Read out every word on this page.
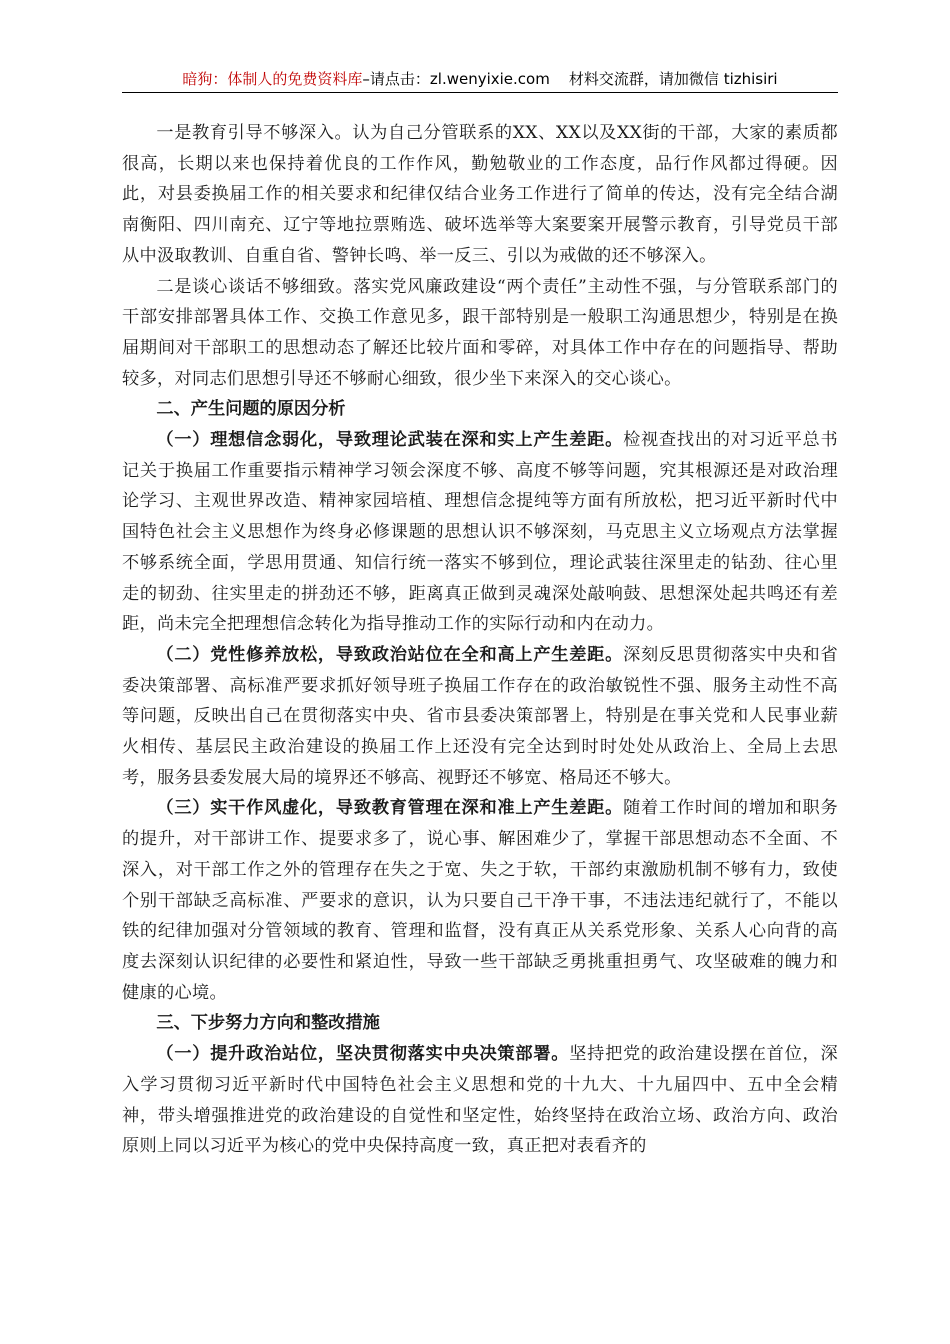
暗狗：体制人的免费资料库–请点击：zl.wenyixie.com 材料交流群，请加微信 tizhisiri

一是教育引导不够深入。认为自己分管联系的XX、XX以及XX街的干部，大家的素质都很高，长期以来也保持着优良的工作作风，勤勉敬业的工作态度，品行作风都过得硬。因此，对县委换届工作的相关要求和纪律仅结合业务工作进行了简单的传达，没有完全结合湖南衡阳、四川南充、辽宁等地拉票贿选、破坏选举等大案要案开展警示教育，引导党员干部从中汲取教训、自重自省、警钟长鸣、举一反三、引以为戒做的还不够深入。

二是谈心谈话不够细致。落实党风廉政建设“两个责任”主动性不强，与分管联系部门的干部安排部署具体工作、交换工作意见多，跟干部特别是一般职工沟通思想少，特别是在换届期间对干部职工的思想动态了解还比较片面和零碎，对具体工作中存在的问题指导、帮助较多，对同志们思想引导还不够耐心细致，很少坐下来深入的交心谈心。

二、产生问题的原因分析

（一）理想信念弱化，导致理论武装在深和实上产生差距。检视查找出的对习近平总书记关于换届工作重要指示精神学习领会深度不够、高度不够等问题，究其根源还是对政治理论学习、主观世界改造、精神家园培植、理想信念提纯等方面有所放松，把习近平新时代中国特色社会主义思想作为终身必修课题的思想认识不够深刻，马克思主义立场观点方法掌握不够系统全面，学思用贯通、知信行统一落实不够到位，理论武装往深里走的钻劲、往心里走的韧劲、往实里走的拼劲还不够，距离真正做到灵魂深处敲响鼓、思想深处起共鸣还有差距，尚未完全把理想信念转化为指导推动工作的实际行动和内在动力。

（二）党性修养放松，导致政治站位在全和高上产生差距。深刻反思贯彻落实中央和省委决策部署、高标准严要求抓好领导班子换届工作存在的政治敏锐性不强、服务主动性不高等问题，反映出自己在贯彻落实中央、省市县委决策部署上，特别是在事关党和人民事业薪火相传、基层民主政治建设的换届工作上还没有完全达到时时处处从政治上、全局上去思考，服务县委发展大局的境界还不够高、视野还不够宽、格局还不够大。

（三）实干作风虚化，导致教育管理在深和准上产生差距。随着工作时间的增加和职务的提升，对干部讲工作、提要求多了，说心事、解困难少了，掌握干部思想动态不全面、不深入，对干部工作之外的管理存在失之于宽、失之于软，干部约束激励机制不够有力，致使个别干部缺乏高标准、严要求的意识，认为只要自己干净干事，不违法违纪就行了，不能以铁的纪律加强对分管领域的教育、管理和监督，没有真正从关系党形象、关系人心向背的高度去深刻认识纪律的必要性和紧迫性，导致一些干部缺乏勇挑重担勇气、攻坚破难的魄力和健康的心境。

三、下步努力方向和整改措施

（一）提升政治站位，坚决贯彻落实中央决策部署。坚持把党的政治建设摆在首位，深入学习贯彻习近平新时代中国特色社会主义思想和党的十九大、十九届四中、五中全会精神，带头增强推进党的政治建设的自觉性和坚定性，始终坚持在政治立场、政治方向、政治原则上同以习近平为核心的党中央保持高度一致，真正把对表看齐的
